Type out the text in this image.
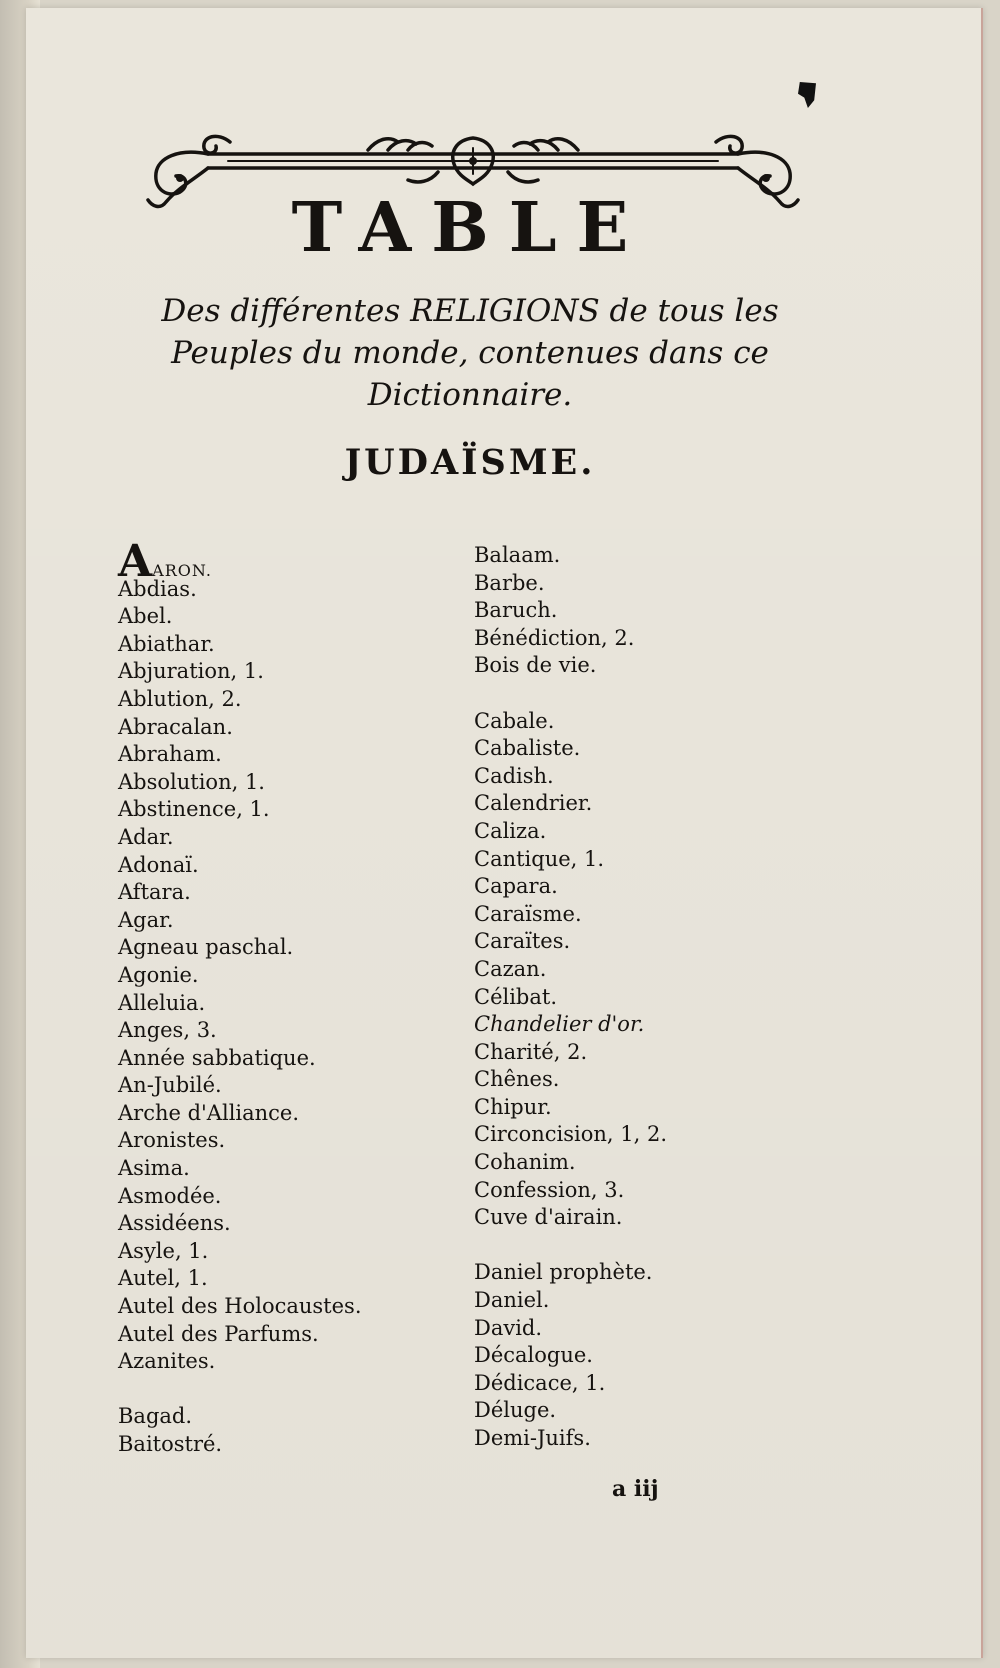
TABLE
Des différentes RELIGIONS de tous les Peuples du monde, contenues dans ce Dictionnaire.
JUDAÏSME.
AARON.
Abdias.
Abel.
Abiathar.
Abjuration, 1.
Ablution, 2.
Abracalan.
Abraham.
Absolution, 1.
Abstinence, 1.
Adar.
Adonaï.
Aftara.
Agar.
Agneau paschal.
Agonie.
Alleluia.
Anges, 3.
Année sabbatique.
An-Jubilé.
Arche d'Alliance.
Aronistes.
Asima.
Asmodée.
Assidéens.
Asyle, 1.
Autel, 1.
Autel des Holocaustes.
Autel des Parfums.
Azanites.
Bagad.
Baitostré.
Balaam.
Barbe.
Baruch.
Bénédiction, 2.
Bois de vie.
Cabale.
Cabaliste.
Cadish.
Calendrier.
Caliza.
Cantique, 1.
Capara.
Caraïsme.
Caraïtes.
Cazan.
Célibat.
Chandelier d'or.
Charité, 2.
Chênes.
Chipur.
Circoncision, 1, 2.
Cohanim.
Confession, 3.
Cuve d'airain.
Daniel prophète.
Daniel.
David.
Décalogue.
Dédicace, 1.
Déluge.
Demi-Juifs.
a iij
